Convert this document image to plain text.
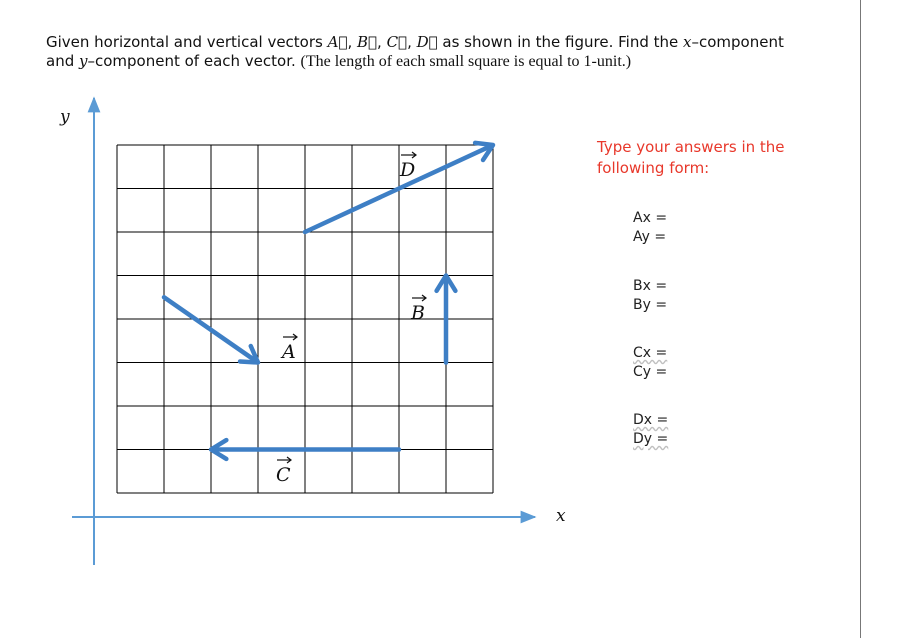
Given horizontal and vertical vectors A⃗, B⃗, C⃗, D⃗ as shown in the figure. Find the x–component
and y–component of each vector. (The length of each small square is equal to 1-unit.)

x
y
A
B
C
D

Type your answers in the
following form:

Ax =
Ay =
Bx =
By =
Cx =
Cy =
Dx =
Dy =
